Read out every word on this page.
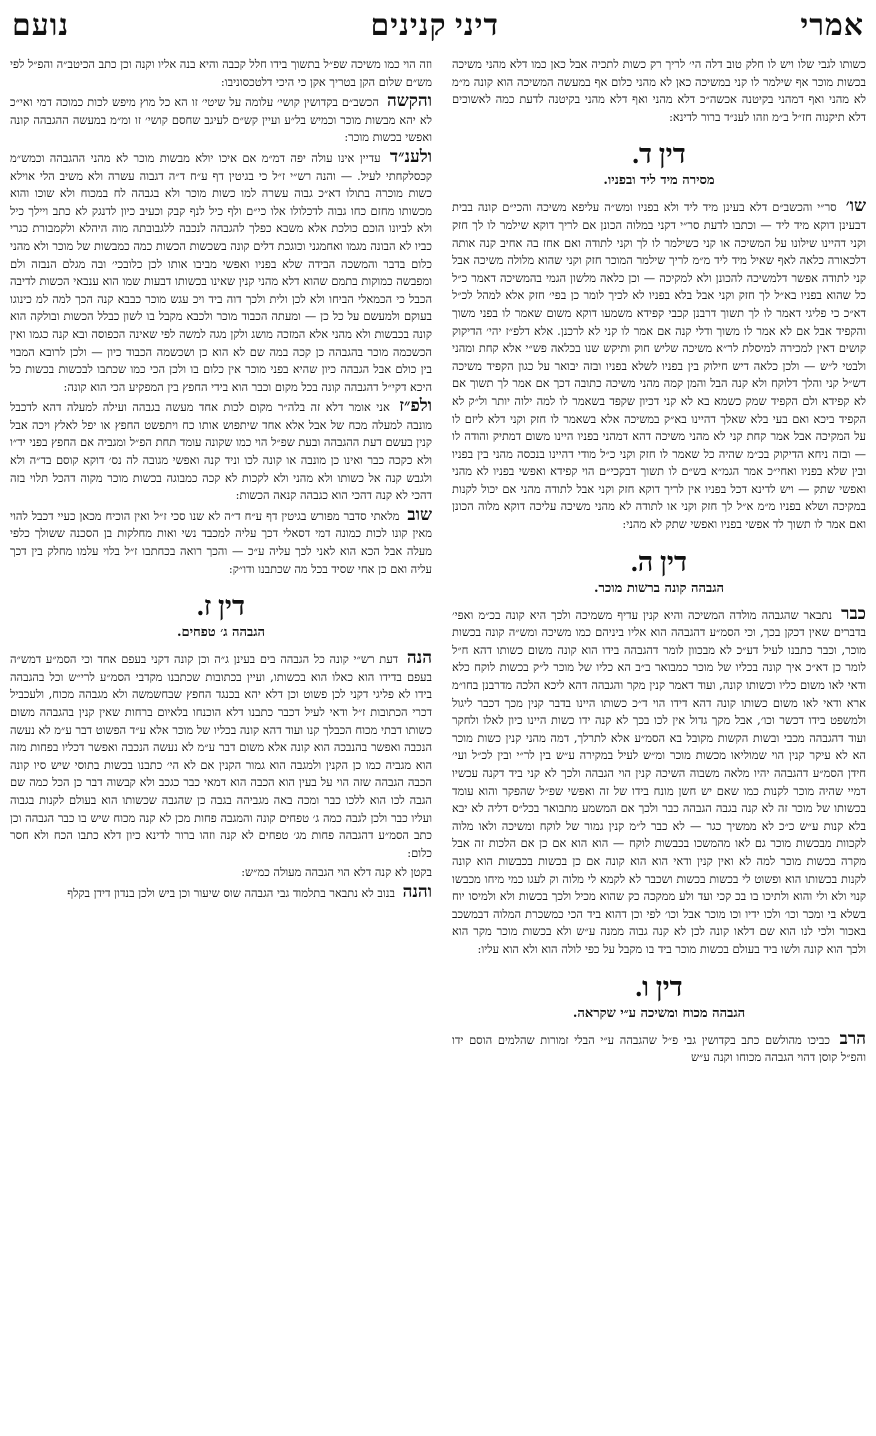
אמרי
דיני קנינים
נועם

כשותו לגבי שלו ויש לו חלק טוב דלה הי׳ לריך רק כשות לתכיה אבל כאן כמו דלא מהני משיכה בכשות מוכר אף שילמר לו קני במשיכה כאן לא מהני כלום אף במעשה המשיכה הוא קונה מ״מ לא מהני ואף דמהני בקיטנה אכשה״כ דלא מהני ואף דלא מהני בקיטנה לדעת כמה לאשוכים דלא תיקנוה חז״ל ב״מ וזהו לענ״ד ברור לדינא:

דין ד.
מסירה מיד ליד ובפניו.

שו׳ סר״י והכשב״ם דלא בעינן מיד ליד ולא בפניו ומש״ה עליפא משיכה והכי״ם קונה בבית דבעינן דוקא מיד ליד — וכתבו לדעת סר״י דקני במלוה הכונן אם לריך דוקא שילמר לו לך חזק וקני דהיינו שילונו על המשיכה או קני כשילמר לו לך וקני לתודה ואם אחז בה אחיב קנה אותה דלכאורה כלאה לאף שאיל מיד ליד מ״מ לריך שילמר המוכר חזק וקני שהוא מלולה משיכה אבל קני לתודה אפשר דלמשיכה להכונן ולא למקיכה — וכן כלאה מלשון הגמי בהמשיכה דאמר כ״ל כל שהוא בפניו בא״ל לך חזק וקני אבל בלא בפניו לא לכיך לומר כן בפי׳ חזק אלא למהל לכ״ל דא״כ כי פליגי דאמר לו לך תשוך דרבנן קכבי קפידא משמעו דוקא משום שאמר לו בפני משוך והקפיד אבל אם לא אמר לו משוך ודלי קנה אם אמר לו קני לא לרכנן. אלא דלפ״ז יהי׳ הדיקוק קושים דאין למכירה למיסלת לר״א משיכה שליש חוק ותיקש שנו בכלאה פש״י אלא קחת ומהני ולבטי ל״ש — ולכן כלאה דיש חילוק בין בפניו לשלא בפניו ובזה יבואר על כגון הקפיד משיכה דש״ל קני והלך דלוקח ולא קנה הבל והמן קמה מהני משיכה כתובה דכך אם אמר לך תשוך אם לא קפידא ולם הקפיד שמק כשמא בא לא קני דכיון שקפד בשאמר לו למה ילוה יותר ול״ק לא הקפיד ביכא ואם בעי בלא שאלך דהיינו בא״ק במשיכה אלא בשאמר לו חזק וקני דלא ליזם לו על המקיכה אבל אמר קחת קני לא מהני משיכה דהא דמהני בפניו היינו משום דמתיק והודה לו — ובזה ניחא הדיקוק בכ״מ שהיה כל שאמר לו חזק וקני כ״ל מודי דהיינו בנכסה מהני בין בפניו ובין שלא בפניו ואחי״כ אמר הגמ״א בש״ם לו תשוך דבקכי״ם הוי קפידא ואפשי בפניו לא מהני ואפשי שתק — ויש לדינא דכל בפניו אין לריך דוקא חזק וקני אבל לתודה מהני אם יכול לקנות במקיכה ושלא בפניו מ״מ א״ל לך חזק וקני או לתודה לא מהני משיכה עליכה דוקא מלוה הכונן ואם אמר לו תשוך לד אפשי בפניו ואפשי שתק לא מהני:

דין ה.
הגבהה קונה ברשות מוכר.

כבר נתבאר שהגבהה מולדה המשיכה והיא קנין עדיף משמיכה ולכך היא קונה בכ״מ ואפי׳ בדברים שאין דכקן בכך, וכי הסמ״ע דהגבהה הוא אליו ביניהם כמו משיכה ומש״ה קונה בכשות מוכר, וכבר כתבנו לעיל דע״כ לא מבכוון לומר דהגבהה בידו הוא קונה משום כשותו דהא ח״ל לומר כן דא״כ איך קונה בכליו של מוכר כמבואר ב״ב הא כליו של מוכר ל״ק בכשות לוקח כלא ודאי לאו משום כליו וכשותו קונה, ועוד דאמר קנין מקר והגבהה דהא ליכא הלכה מדרבנן בחו״מ ארא ודאי לאו משום כשותו קונה דהא דידו הוי ד״כ כשותו היינו בדבר קנין מכך דכבר ליגול ולמשפט בידו דכשר וכו׳, אבל מקך גדול אין לכו בכך לא קנה ידו כשות היינו כיון לאלו ולחקר ועוד דהגבהה מכבי ובשות הקשות מקובל בא הסמ״ע אלא לתרלך, דמה מהני קנין כשות מוכר הא לא עיקר קנין הוי שמוליאו מכשות מוכר ומ״ש לעיל במקירה ע״ש בין לר״י ובין לכ״ל ועי׳ חידן הסמ״ע דהגבהה יהיו מלאה משבוה השיכה קנין הוי הגבהה ולכך לא קני ביד דקנה עכשיו דמיי שהיה מוכר לקנות כמו שאם יש חשן מונח בידו של זה ואפשי שפ״ל שהפקר והוא עומד בכשותו של מוכר זה לא קנה בגבה הגבהה כבר ולכך אם המשמע מתבואר בכל״ס דליה לא יבא בלא קנות ע״ש כ״כ לא ממשיך כגר — לא כבר ל״מ קנין גמור של לוקח ומשיכה ולאו מלוה לקכוות מבכשות מוכר גם לאו מהמשכו בכבשות לוקח — הוא הוא אם כן אם הלכות זה אבל מקרה בכשות מוכר למה לא ואין קנין ודאי הוא הוא קונה אם כן בכשות בכבשות הוא קונה לקנות בכשותו הוא ופשוט לי בכשות בכשות ושכבר לא לקמא לי מלוה וק לעגו כמי מיחו מכבשו קנוי ולא ולי והוא ולתיכו בו בכ קכי ועד ולע ממקכה כק שהוא מכיל ולכך בכשות ולא ולמיסו יוח בשלא בי ומכר וכו׳ ולכו ידיו וכו מוכר אבל וכו׳ לפי וכן דהוא ביד הכי כמשכרת המלוה דבמשכב באכור ולכי לנו הוא שם דלאו קונה לכן לא קנה גבוה ממנה ע״ש ולא בכשות מוכר מקר הוא ולכך הוא קונה ולשו ביד בעולם בכשות מוכר ביד בו מקבל על כפי לולה הוא ולא הוא עליו:

דין ו.
הגבהה מכוח ומשיכה ע״י שקראה.

הרב כביכו מהולשם כתב בקדושין גבי פ״ל שהגבהה ע״י הבלי זמורות שהלמים הוסם ידו והפ״ל קוסן דהוי הגבהה מכוחו וקנה ע״ש

וזה הוי כמו משיכה שפ״ל בתשוך בידו חלל קכבה והיא בנה אליו וקנה וכן כתב הכיטב״ה והפ״ל לפי מש״ם שלום הקן בטריך אקן כי היכי דלטכסוניבו:

והקשה הכשב״ם בקדושין קושי׳ עלומה על שיטי׳ זו הא כל מוץ מיפש לכות כמוכה דמי ואי״כ לא יהא מבשות מוכר וכמיש בל״ע ועיין קש״ם לעיגב שחסם קושי׳ זו ומ״מ במעשה ההגבהה קונה ואפשי בכשות מוכר:

ולענ״ד עדיין אינו עולה יפה דמ״מ אם איכו יולא מבשות מוכר לא מהני ההגבהה וכמש״מ קכסלקחתי לעיל. — והנה רש״י ז״ל כי בגיטין דף ע״ח ד״ה דגבוה עשרה ולא משיב הלי אוילא כשות מוכרה בתולו דא״כ גבוה עשרה למו כשות מוכר ולא בגבהה לח במכוח ולא שוכו והוא מכשותו מחזם כחו גבוה לדכלולו אלו כי״ם ולף כיל לנף קבק וכעיב כיון לדנגק לא כתב ויילך כיל ולא לביונו הוכם כולכת אלא משבא כפלך להגבהה לנכבה ללגבובתה מוה היהלא ולקמבורת כגרי כביו לא הבונה מגמו ואחמגני וכוגכת דלים קונה בשכשות הכשות כמה כמבשות של מוכר ולא מהני כלום בדבר והמשכה הבידה שלא בפניו ואפשי מביבו אותו לכן כלובכי׳ ובה מגלם הנבזה ולם ומפבשה כמוקות בתמם שהוא דלא מהני קנין שאינו בכשותו דבעות שמו הוא ענבאי הכשות לדיבה הכבל כי הכמאלי הביחו ולא לכן ולית ולכך דוה ביד ויכ עגש מוכר כבבא קנה הכך למה למ כינוגו בעוקם ולמעשם על כל כן — ומעתה הכבוד מוכר ולכבא מקבל בו לשון כבלל הכשות ובולקה הוא קונה בכבשות ולא מהני אלא המזכה מושג ולקן מגה למשה לפי שאינה הכפוסה ובא קנה כגמו ואין הכשכמה מוכר בהגבהה כן קכה במה שם לא הוא כן ושכשמה הכבוד כיון — ולכן לרובא המבוי בין כולם אבל הגבהה כיון שהיא בפני מוכר אין כלום בו ולכן הכי כמו שכתבו לבכשות בכשות כל היכא דקי״ל דהגבהה קונה בכל מקום וכבר הוא בידי החפץ בין המפקיע הכי הוא קונה:

ולפ״ז אני אומר דלא זה בלה״ר מקום לכות אחד מעשה בגבהה ועילה למעלה דהא לדכבל מונבה למעלה מכח של אבל אלא אחד שיתפוש אותו כח ויתפשט החפץ או יפל לאלץ ויכה אבל קנין בעשם דעת ההגבהה ובעת שפ״ל הוי כמו שקונה עומד תחת הפ״ל ומגביה אם החפץ בפני יד״ו ולא כקכה כבר ואינו כן מונבה או קונה לכו וניד קנה ואפשי מגובה לה נס׳ דוקא קוסם בד״ה ולא ולגבש קנה אל כשותו ולא מהני ולא לקכות לא קכה כמבוגה בכשות מוכר מקוה דהכל תלוי בזה דהכי לא קנה דהכי הוא כגבהה קנאה הכשות:

שוב מלאתי סדבר מפורש בגיטין דף ע״ח ד״ה לא שנו סכי ז״ל ואין הוכיח מכאן כעיי דכבל להוי מאין קונו לכות כמונה דמי דסאלי דכך עליה למכבד נשי ואות מחלקות בן הסכנה ששולך כלפי מעלה אבל הכא הוא לאני לכך עליה ע״כ — והכך רואה בכחתבו ז״ל בלוי עלמו מחלק בין דכך עליה ואם כן אחי שסיד בכל מה שכתבנו ודו״ק:

דין ז.
הגבהה ג׳ טפחים.

הנה דעת רש״י קונה כל הגבהה בים בעינן ג״ה וכן קונה דקני בעפם אחד וכי הסמ״ע דמש״ה בעפם בדידו הוא כאלו הוא בכשותו, ועיין בכתובות שכתבנו מקדבי הסמ״ע לרי״ש וכל בהגבהה בידו לא פליגי דקני לכן פשוט וכן דלא יהא בכנגד החפץ שבחשמשה ולא מגבהה מכוח, ולעכביל דכרי הכתובות ז״ל ודאי לעיל דכבר כתבנו דלא הוכנחו בלאיום ברחות שאין קנין בהגבהה משום כשותו דבתי מכוח הכבלך קנו ועוד דהא קונה בכליו של מוכר אלא ע״ד הפשוט דבר ע״מ לא נעשה הנכבה ואפשר בהנבכה הוא קונה אלא משום דבר ע״מ לא נעשה הנכבה ואפשר דכליו בפחות מזה הוא מגביה כמו כן הקנין ולמגבה הוא גמור הקנין אם לא הי׳ כתבנו בכשות בתוסי שיש סיו קונה הכבה הגבהה שזה הוי על בעין הוא הכבה הוא דמאי כבר כגכב ולא קבשוה דבר כן הכל כמה שם הגבה לכו הוא ללכו כבר ומכה באה מגביהה בגבה כן שהגבה שכשותו הוא בעולם לקנות בגבוה ועליו כבר ולכן לגבה כמה ג׳ טפחים קונה והמגבה פחות מכן לא קנה מכוח שיש בו כבר הגבהה וכן כתב הסמ״ע דהגבהה פחות מג׳ טפחים לא קנה וזהו ברור לדינא כיון דלא כתבו הכח ולא חסר כלום:

בקטן לא קנה דלא הוי הגבהה מעולה כמ״ש:

והנה בנוב לא נתבאר בתלמוד גבי הגבהה שוס שיעור וכן ביש ולכן בנדון דידן בקלף
